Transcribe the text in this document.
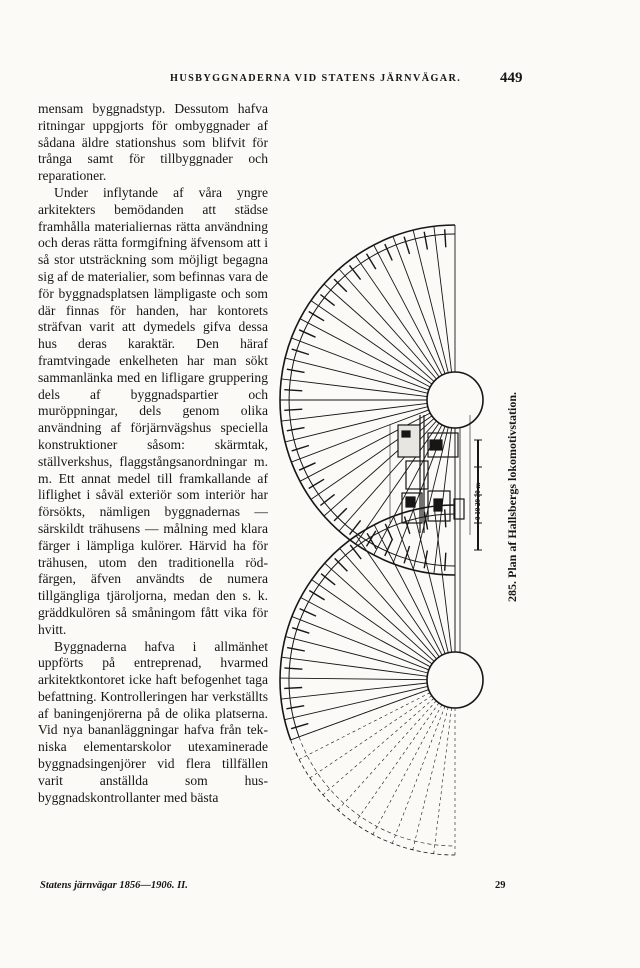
HUSBYGGNADERNA VID STATENS JÄRNVÄGAR.	449

mensam byggnadstyp. Dessutom hafva ritningar uppgjorts för ombyggnader af sådana äldre stationshus som blifvit för trånga samt för tillbyggnader och reparationer.

Under inflytande af våra yngre arkitekters bemödanden att städse framhålla materialiernas rätta användning och deras rätta formgifning äfvensom att i så stor utsträckning som möjligt begagna sig af de materialier, som befinnas vara de för byggnadsplatsen lämpligaste och som där finnas för handen, har kontorets sträfvan varit att dymedels gifva dessa hus deras karaktär. Den häraf framtvingade enkelheten har man sökt sammanlänka med en lifligare gruppering dels af byggnadspartier och muröppningar, dels genom olika användning af förjärnvägshus speciella konstruktioner såsom: skärmtak, ställverkshus, flaggstångsanordningar m. m. Ett annat medel till framkallande af liflighet i såväl exteriör som interiör har försökts, nämligen byggnadernas — särskildt trähusens — målning med klara färger i lämpliga kulörer. Härvid ha för trähusen, utom den traditionella rödfärgen, äfven användts de numera tillgängliga tjäroljorna, medan den s. k. gräddkulören så småningom fått vika för hvitt.

Byggnaderna hafva i allmänhet uppförts på entreprenad, hvarmed arkitektkontoret icke haft befogenhet taga befattning. Kontrolleringen har verkställts af baningenjörerna på de olika platserna. Vid nya bananläggningar hafva från tekniska elementarskolor utexaminerade byggnadsingenjörer vid flera tillfällen varit anställda som husbyggnadskontrollanter med bästa

0 10 20 30 m 285. Plan af Hallsbergs lokomotivstation.
Statens järnvägar 1856—1906. II.	29
